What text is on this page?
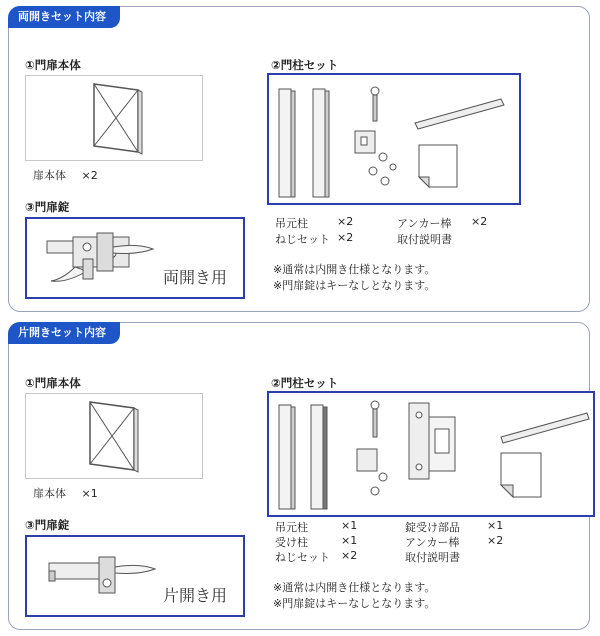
両開きセット内容
①門扉本体
扉本体 ×2
③門扉錠
両開き用
②門柱セット
吊元柱	×2	アンカー棒 ×2
ねじセット ×2	取付説明書
※通常は内開き仕様となります。
※門扉錠はキーなしとなります。
片開きセット内容
①門扉本体
扉本体 ×1
③門扉錠
片開き用
②門柱セット
吊元柱	×1	錠受け部品 ×1
受け柱	×1	アンカー棒 ×2
ねじセット ×2	取付説明書
※通常は内開き仕様となります。
※門扉錠はキーなしとなります。
